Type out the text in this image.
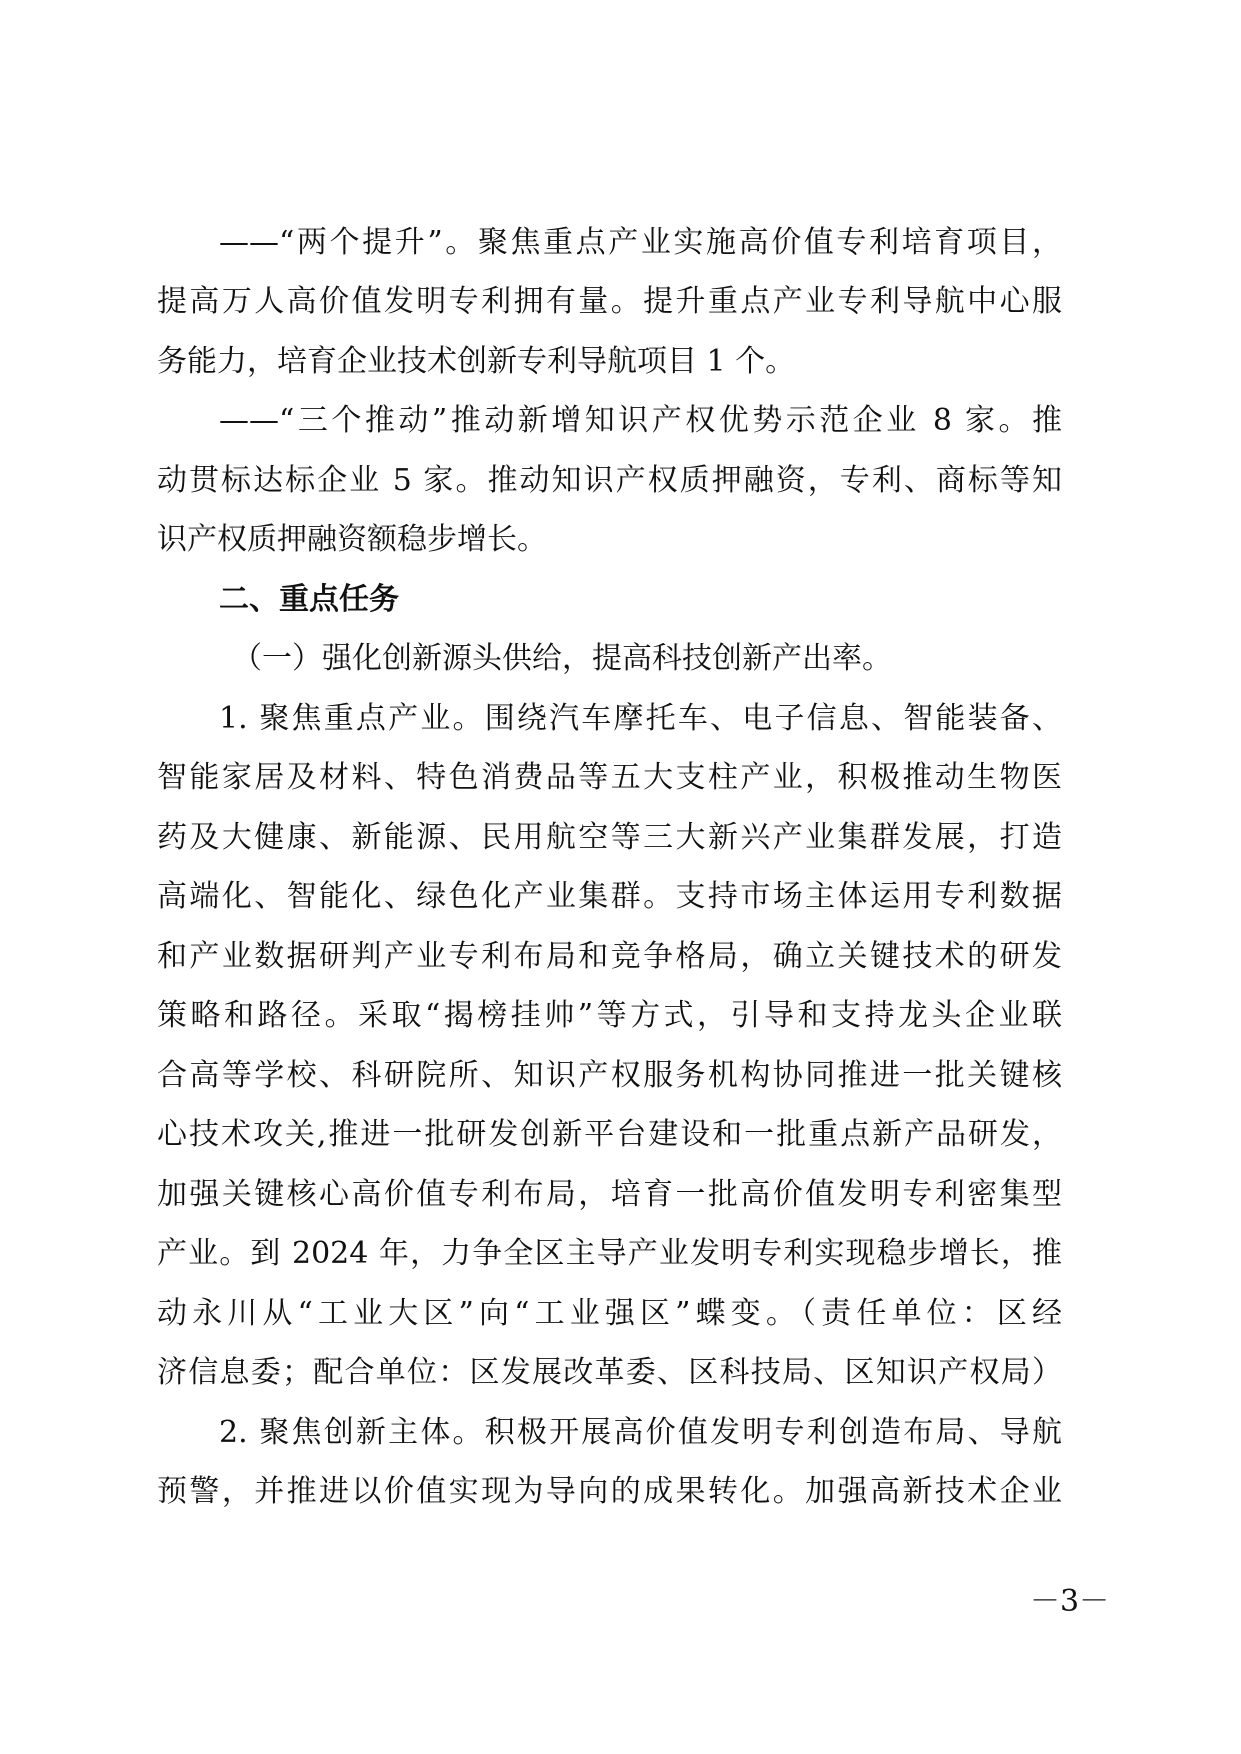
——“两个提升”。聚焦重点产业实施高价值专利培育项目，
提高万人高价值发明专利拥有量。提升重点产业专利导航中心服
务能力，培育企业技术创新专利导航项目 1 个。
——“三个推动”推动新增知识产权优势示范企业 8 家。推
动贯标达标企业 5 家。推动知识产权质押融资，专利、商标等知
识产权质押融资额稳步增长。
二、重点任务
（一）强化创新源头供给，提高科技创新产出率。
1. 聚焦重点产业。围绕汽车摩托车、电子信息、智能装备、
智能家居及材料、特色消费品等五大支柱产业，积极推动生物医
药及大健康、新能源、民用航空等三大新兴产业集群发展，打造
高端化、智能化、绿色化产业集群。支持市场主体运用专利数据
和产业数据研判产业专利布局和竞争格局，确立关键技术的研发
策略和路径。采取“揭榜挂帅”等方式，引导和支持龙头企业联
合高等学校、科研院所、知识产权服务机构协同推进一批关键核
心技术攻关,推进一批研发创新平台建设和一批重点新产品研发，
加强关键核心高价值专利布局，培育一批高价值发明专利密集型
产业。到 2024 年，力争全区主导产业发明专利实现稳步增长，推
动永川从“工业大区”向“工业强区”蝶变。（责任单位：区经
济信息委；配合单位：区发展改革委、区科技局、区知识产权局）
2. 聚焦创新主体。积极开展高价值发明专利创造布局、导航
预警，并推进以价值实现为导向的成果转化。加强高新技术企业
－3－
